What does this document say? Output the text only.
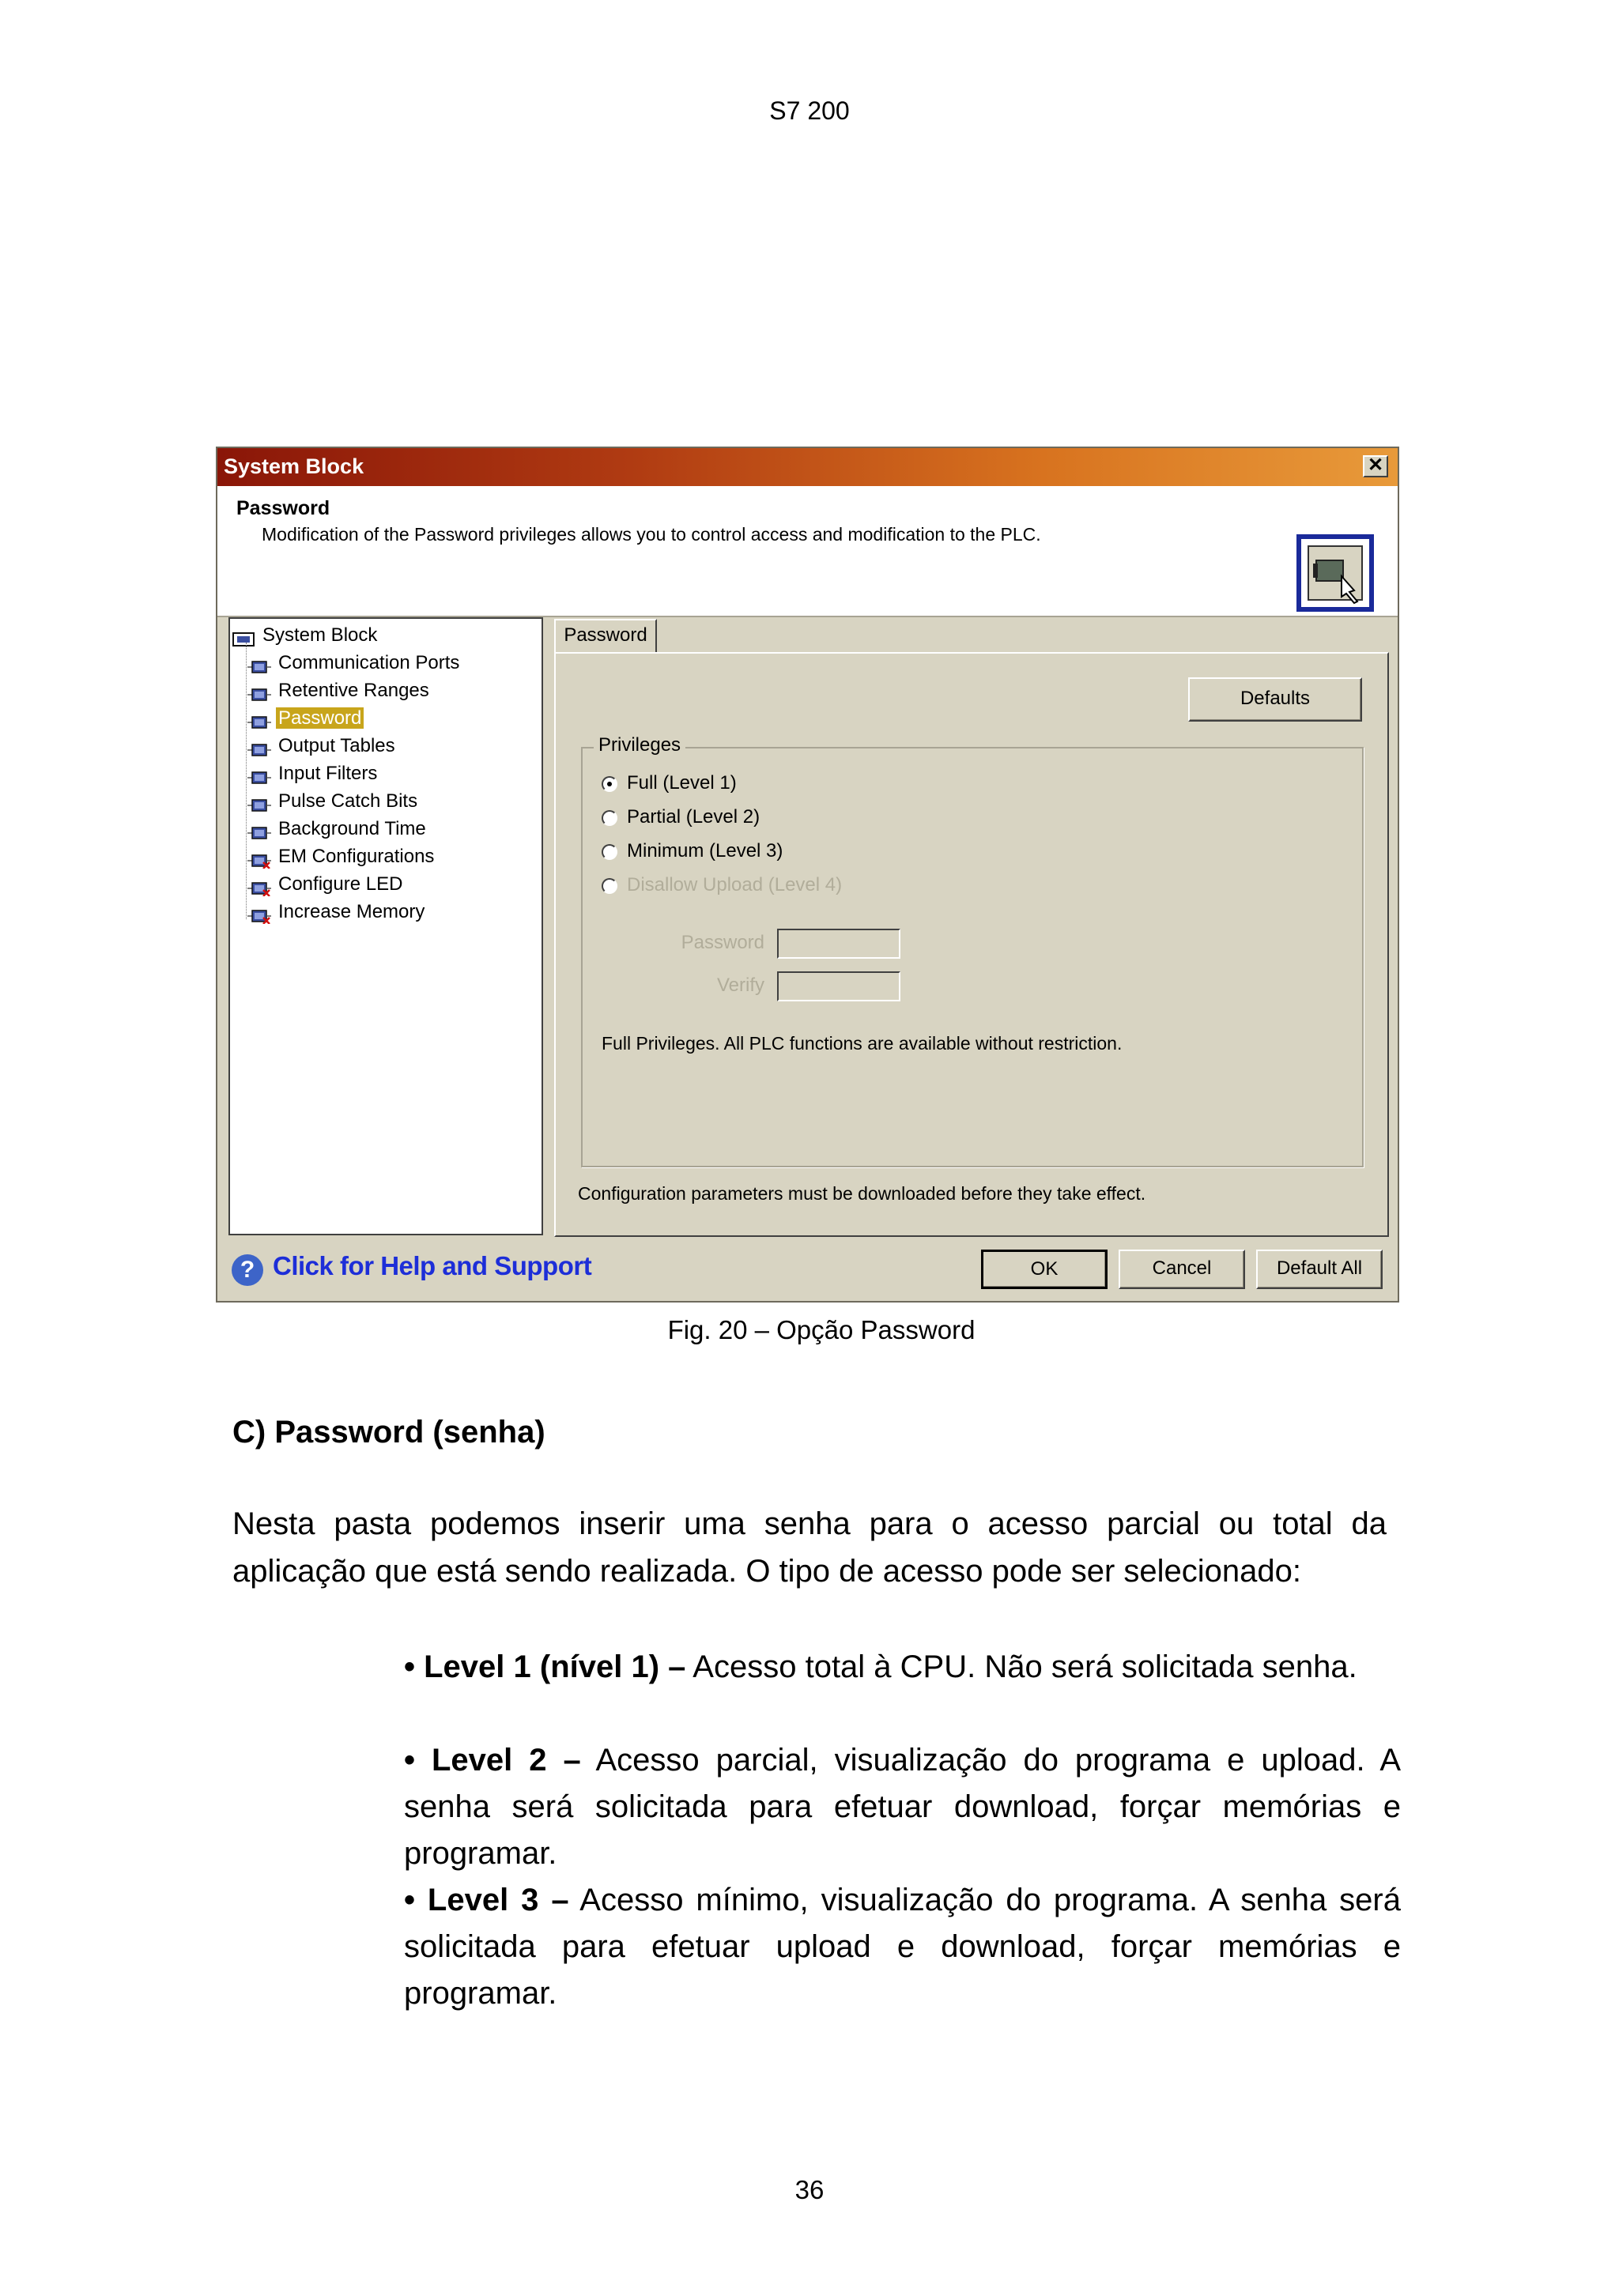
S7 200
System Block	✕
Password
Modification of the Password privileges allows you to control access and modification to the PLC.
System Block
Communication Ports
Retentive Ranges
Password
Output Tables
Input Filters
Pulse Catch Bits
Background Time
EM Configurations
Configure LED
Increase Memory
Password
Defaults
Privileges
Full (Level 1)
Partial (Level 2)
Minimum (Level 3)
Disallow Upload (Level 4)
Password
Verify
Full Privileges. All PLC functions are available without restriction.
Configuration parameters must be downloaded before they take effect.
? Click for Help and Support	OK	Cancel	Default All
Fig. 20 – Opção Password
C) Password (senha)
Nesta pasta podemos inserir uma senha para o acesso parcial ou total da aplicação que está sendo realizada. O tipo de acesso pode ser selecionado:
• Level 1 (nível 1) – Acesso total à CPU. Não será solicitada senha.
• Level 2 – Acesso parcial, visualização do programa e upload. A senha será solicitada para efetuar download, forçar memórias e programar.
• Level 3 – Acesso mínimo, visualização do programa. A senha será solicitada para efetuar upload e download, forçar memórias e programar.
36
